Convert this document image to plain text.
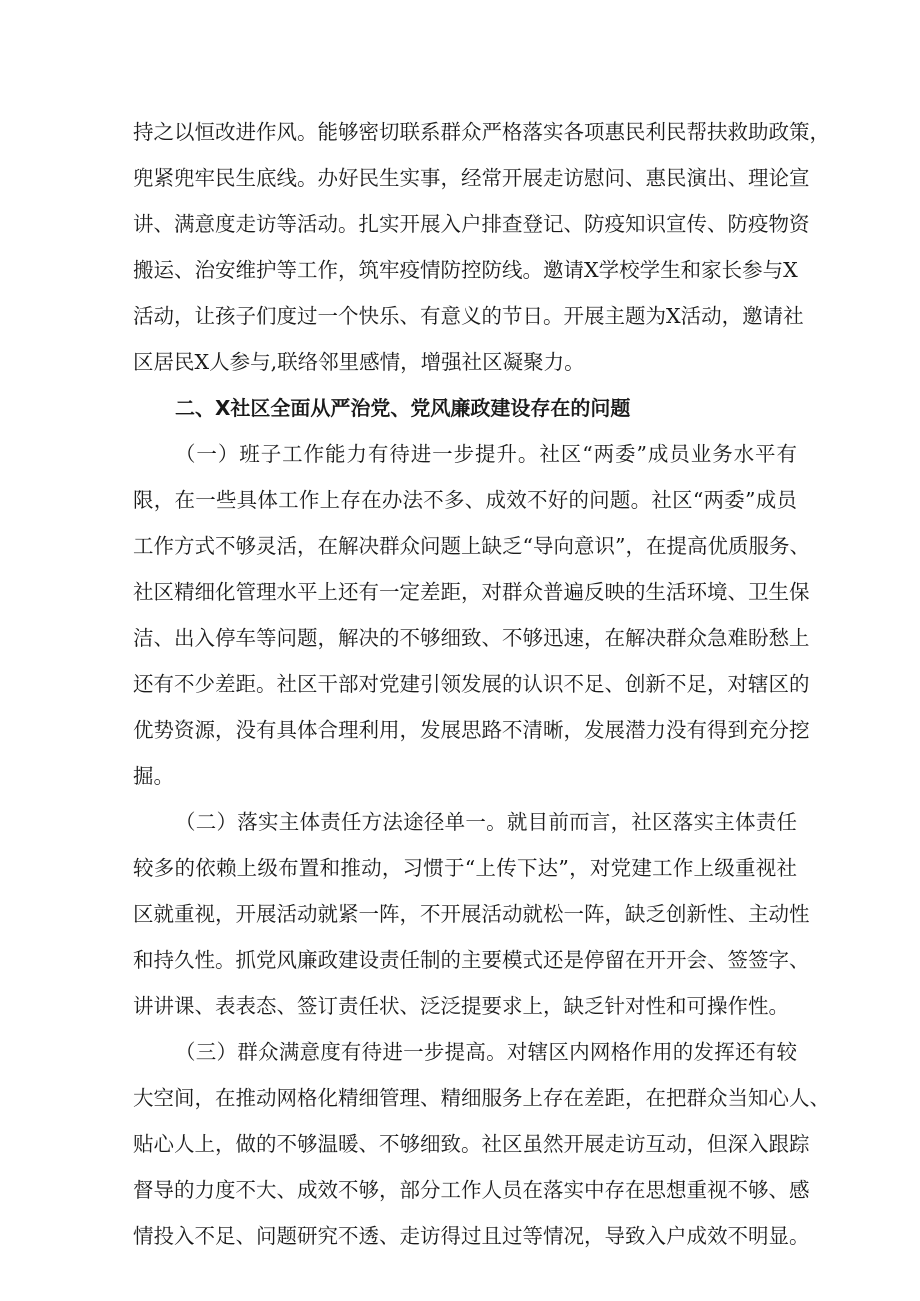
持之以恒改进作风。能够密切联系群众严格落实各项惠民利民帮扶救助政策，
兜紧兜牢民生底线。办好民生实事，经常开展走访慰问、惠民演出、理论宣
讲、满意度走访等活动。扎实开展入户排查登记、防疫知识宣传、防疫物资
搬运、治安维护等工作，筑牢疫情防控防线。邀请X学校学生和家长参与X
活动，让孩子们度过一个快乐、有意义的节日。开展主题为X活动，邀请社
区居民X人参与,联络邻里感情，增强社区凝聚力。
二、X社区全面从严治党、党风廉政建设存在的问题
（一）班子工作能力有待进一步提升。社区“两委”成员业务水平有
限，在一些具体工作上存在办法不多、成效不好的问题。社区“两委”成员
工作方式不够灵活，在解决群众问题上缺乏“导向意识”，在提高优质服务、
社区精细化管理水平上还有一定差距，对群众普遍反映的生活环境、卫生保
洁、出入停车等问题，解决的不够细致、不够迅速，在解决群众急难盼愁上
还有不少差距。社区干部对党建引领发展的认识不足、创新不足，对辖区的
优势资源，没有具体合理利用，发展思路不清晰，发展潜力没有得到充分挖
掘。
（二）落实主体责任方法途径单一。就目前而言，社区落实主体责任
较多的依赖上级布置和推动，习惯于“上传下达”，对党建工作上级重视社
区就重视，开展活动就紧一阵，不开展活动就松一阵，缺乏创新性、主动性
和持久性。抓党风廉政建设责任制的主要模式还是停留在开开会、签签字、
讲讲课、表表态、签订责任状、泛泛提要求上，缺乏针对性和可操作性。
（三）群众满意度有待进一步提高。对辖区内网格作用的发挥还有较
大空间，在推动网格化精细管理、精细服务上存在差距，在把群众当知心人、
贴心人上，做的不够温暖、不够细致。社区虽然开展走访互动，但深入跟踪
督导的力度不大、成效不够，部分工作人员在落实中存在思想重视不够、感
情投入不足、问题研究不透、走访得过且过等情况，导致入户成效不明显。
